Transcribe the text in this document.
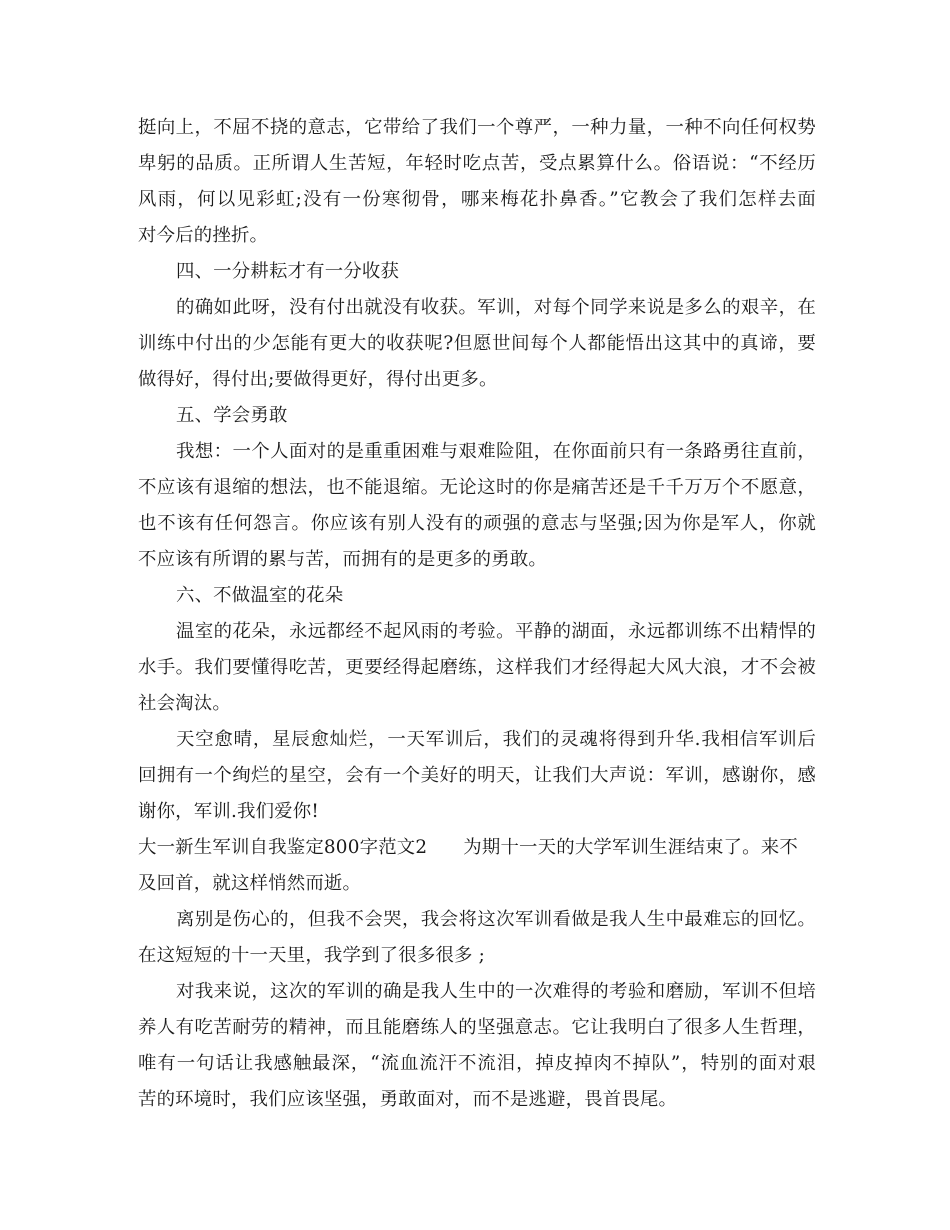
挺向上，不屈不挠的意志，它带给了我们一个尊严，一种力量，一种不向任何权势
卑躬的品质。正所谓人生苦短，年轻时吃点苦，受点累算什么。俗语说：“不经历
风雨，何以见彩虹;没有一份寒彻骨，哪来梅花扑鼻香。”它教会了我们怎样去面
对今后的挫折。
四、一分耕耘才有一分收获
的确如此呀，没有付出就没有收获。军训，对每个同学来说是多么的艰辛，在
训练中付出的少怎能有更大的收获呢?但愿世间每个人都能悟出这其中的真谛，要
做得好，得付出;要做得更好，得付出更多。
五、学会勇敢
我想：一个人面对的是重重困难与艰难险阻，在你面前只有一条路勇往直前，
不应该有退缩的想法，也不能退缩。无论这时的你是痛苦还是千千万万个不愿意，
也不该有任何怨言。你应该有别人没有的顽强的意志与坚强;因为你是军人，你就
不应该有所谓的累与苦，而拥有的是更多的勇敢。
六、不做温室的花朵
温室的花朵，永远都经不起风雨的考验。平静的湖面，永远都训练不出精悍的
水手。我们要懂得吃苦，更要经得起磨练，这样我们才经得起大风大浪，才不会被
社会淘汰。
天空愈晴，星辰愈灿烂，一天军训后，我们的灵魂将得到升华.我相信军训后
回拥有一个绚烂的星空，会有一个美好的明天，让我们大声说：军训，感谢你，感
谢你，军训.我们爱你!
大一新生军训自我鉴定800字范文2 为期十一天的大学军训生涯结束了。来不
及回首，就这样悄然而逝。
离别是伤心的，但我不会哭，我会将这次军训看做是我人生中最难忘的回忆。
在这短短的十一天里，我学到了很多很多 ;
对我来说，这次的军训的确是我人生中的一次难得的考验和磨励，军训不但培
养人有吃苦耐劳的精神，而且能磨练人的坚强意志。它让我明白了很多人生哲理，
唯有一句话让我感触最深，“流血流汗不流泪，掉皮掉肉不掉队”，特别的面对艰
苦的环境时，我们应该坚强，勇敢面对，而不是逃避，畏首畏尾。
